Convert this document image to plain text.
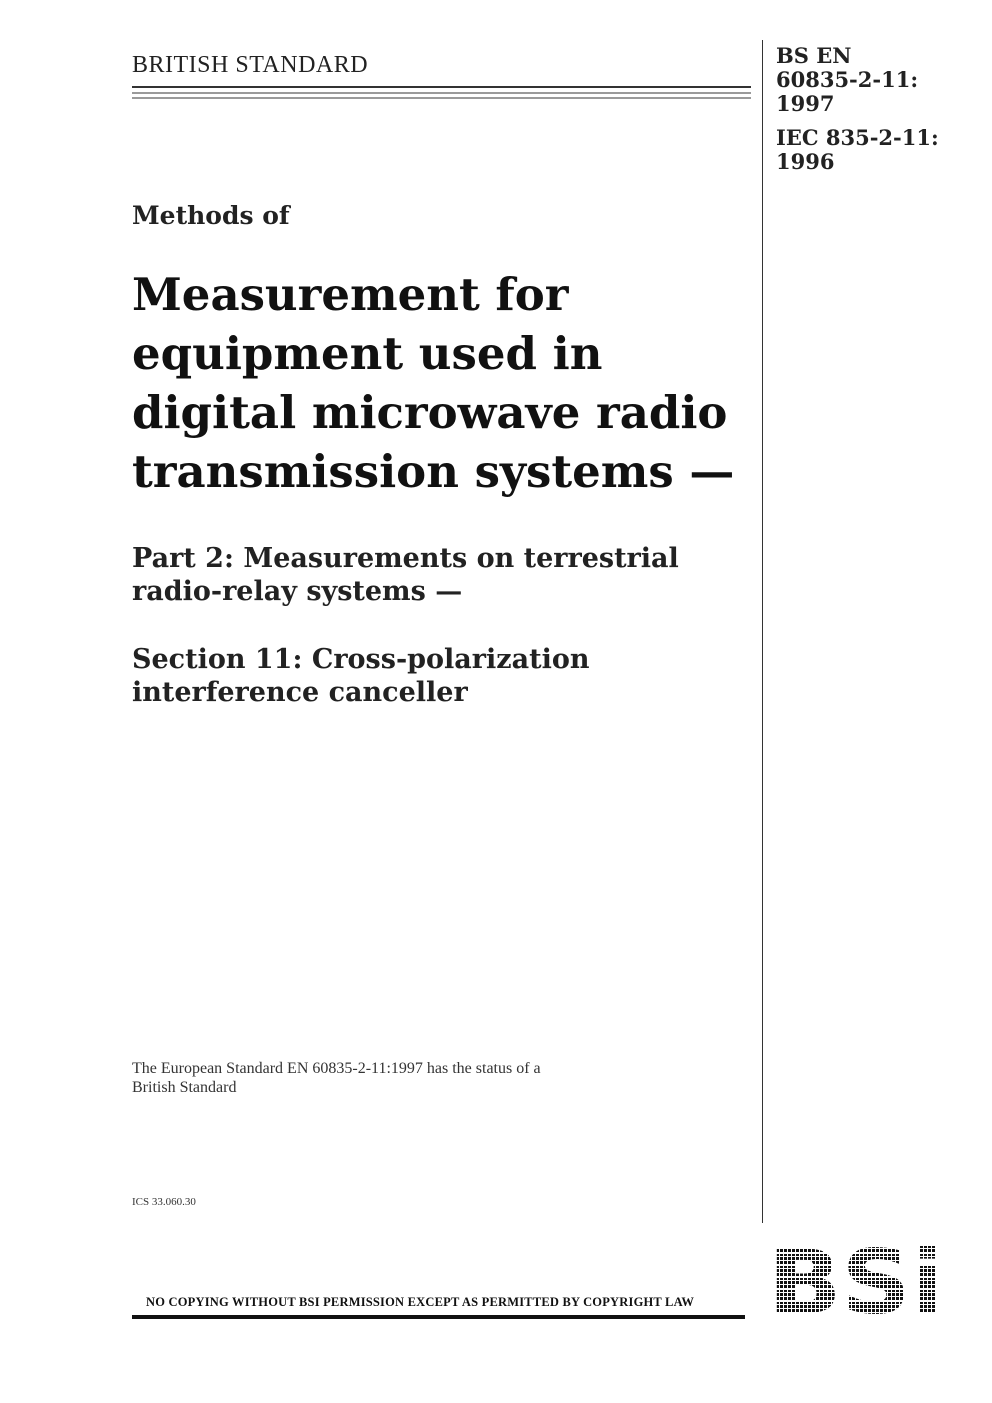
BRITISH STANDARD	BS EN
60835-2-11:
1997
IEC 835-2-11:
1996
Methods of
Measurement for
equipment used in
digital microwave radio
transmission systems —
Part 2: Measurements on terrestrial
radio-relay systems —
Section 11: Cross-polarization
interference canceller
The European Standard EN 60835-2-11:1997 has the status of a
British Standard
ICS 33.060.30
NO COPYING WITHOUT BSI PERMISSION EXCEPT AS PERMITTED BY COPYRIGHT LAW
